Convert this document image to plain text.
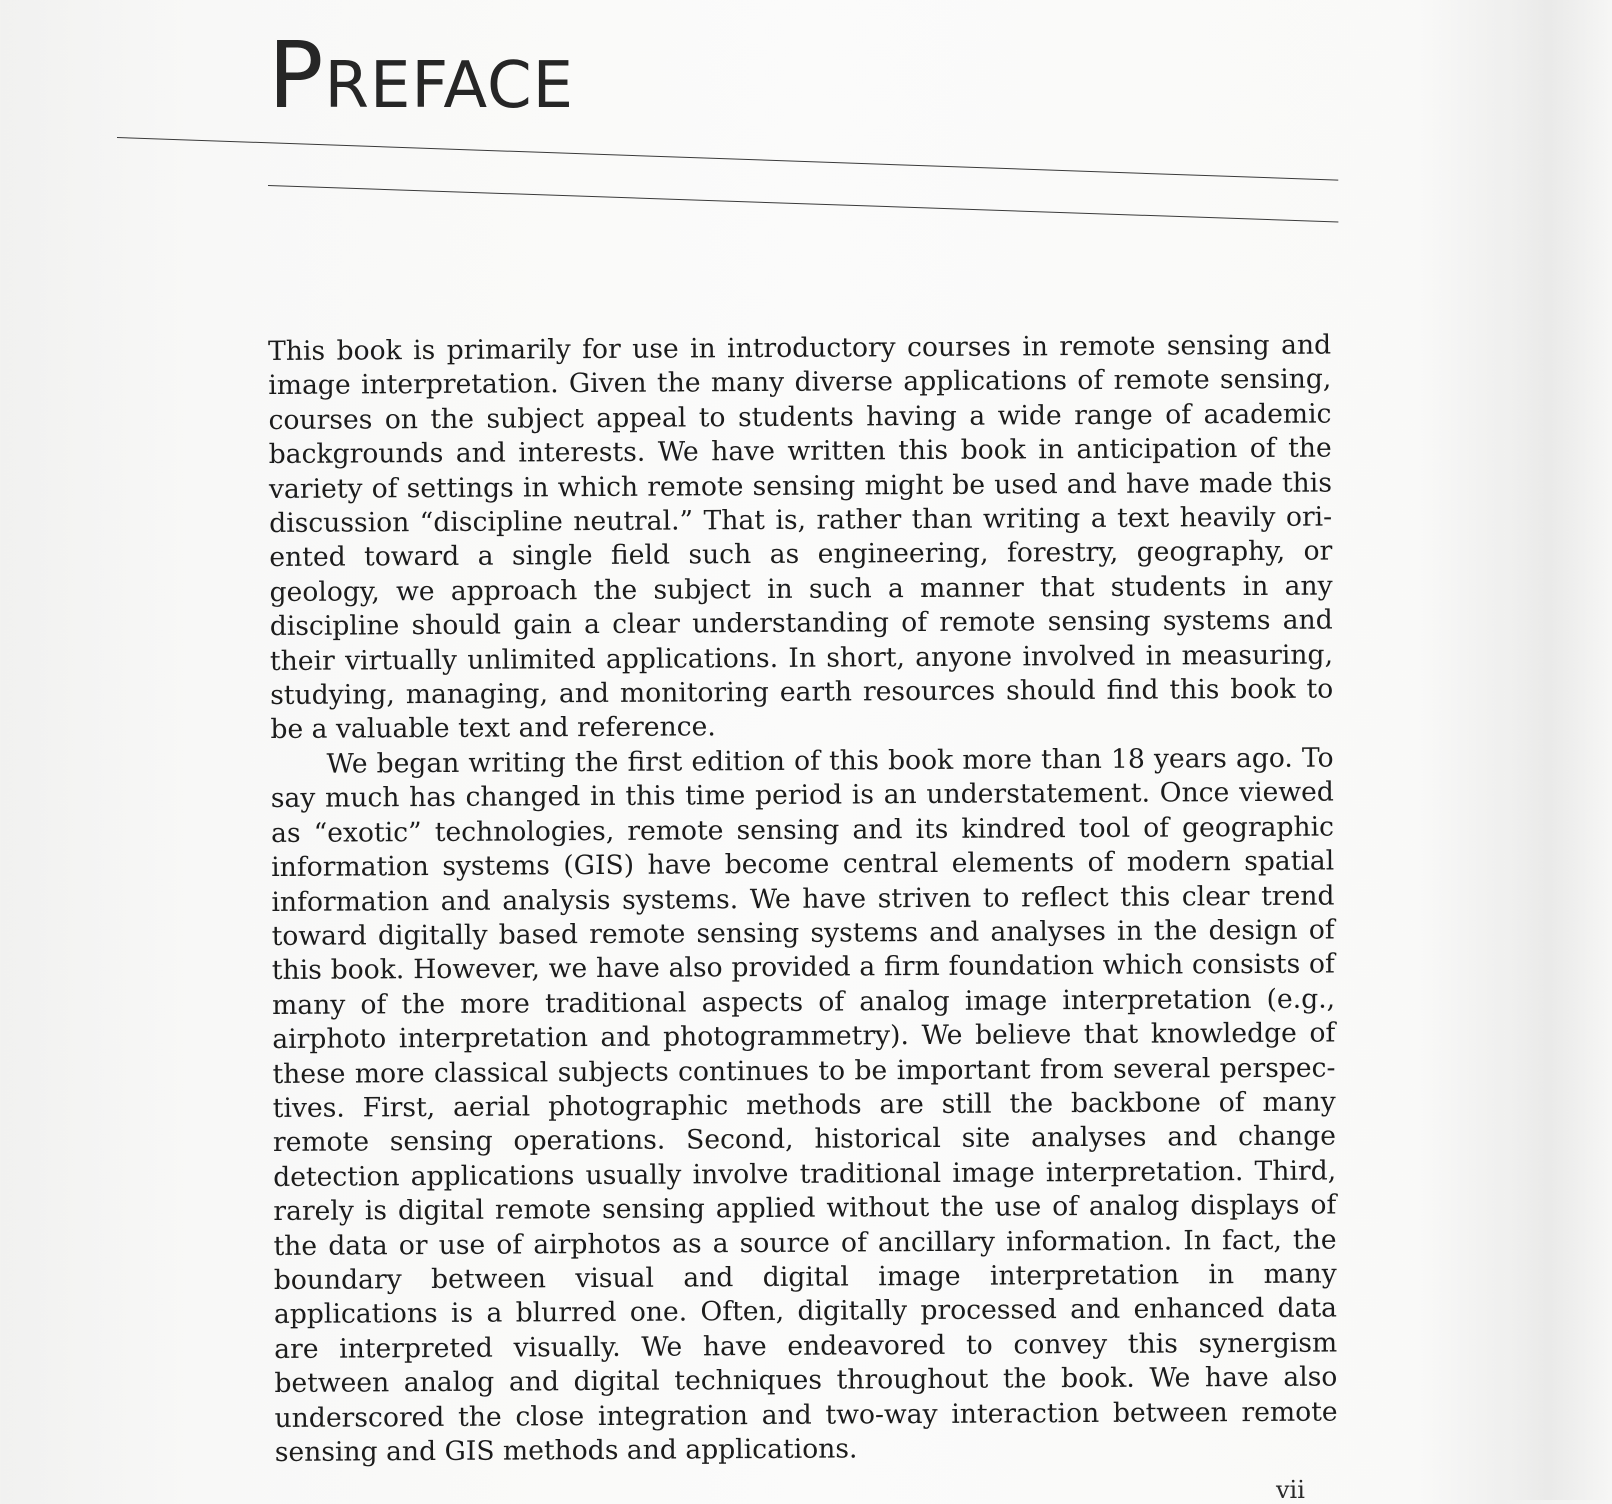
Preface

This book is primarily for use in introductory courses in remote sensing and image interpretation. Given the many diverse applications of remote sensing, courses on the subject appeal to students having a wide range of academic backgrounds and interests. We have written this book in anticipation of the variety of settings in which remote sensing might be used and have made this discussion “discipline neutral.” That is, rather than writing a text heavily oriented toward a single field such as engineering, forestry, geography, or geology, we approach the subject in such a manner that students in any discipline should gain a clear understanding of remote sensing systems and their virtually unlimited applications. In short, anyone involved in measuring, studying, managing, and monitoring earth resources should find this book to be a valuable text and reference.

We began writing the first edition of this book more than 18 years ago. To say much has changed in this time period is an understatement. Once viewed as “exotic” technologies, remote sensing and its kindred tool of geographic information systems (GIS) have become central elements of modern spatial information and analysis systems. We have striven to reflect this clear trend toward digitally based remote sensing systems and analyses in the design of this book. However, we have also provided a firm foundation which consists of many of the more traditional aspects of analog image interpretation (e.g., airphoto interpretation and photogrammetry). We believe that knowledge of these more classical subjects continues to be important from several perspectives. First, aerial photographic methods are still the backbone of many remote sensing operations. Second, historical site analyses and change detection applications usually involve traditional image interpretation. Third, rarely is digital remote sensing applied without the use of analog displays of the data or use of airphotos as a source of ancillary information. In fact, the boundary between visual and digital image interpretation in many applications is a blurred one. Often, digitally processed and enhanced data are interpreted visually. We have endeavored to convey this synergism between analog and digital techniques throughout the book. We have also underscored the close integration and two-way interaction between remote sensing and GIS methods and applications.

vii
